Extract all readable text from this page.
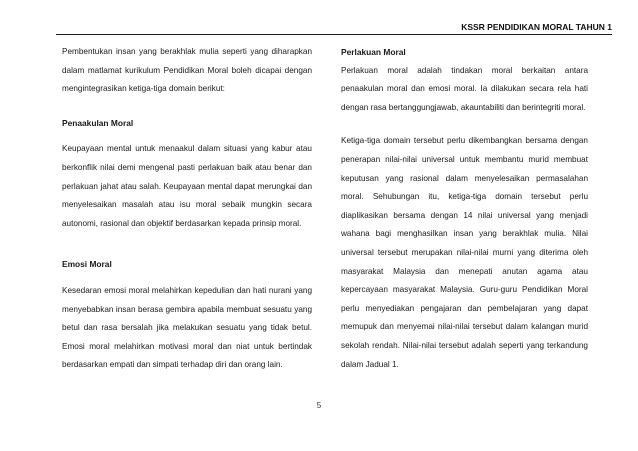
KSSR PENDIDIKAN MORAL TAHUN 1

Pembentukan insan yang berakhlak mulia seperti yang diharapkan dalam matlamat kurikulum Pendidikan Moral boleh dicapai dengan mengintegrasikan ketiga-tiga domain berikut:

Penaakulan Moral

Keupayaan mental untuk menaakul dalam situasi yang kabur atau berkonflik nilai demi mengenal pasti perlakuan baik atau benar dan perlakuan jahat atau salah. Keupayaan mental dapat merungkai dan menyelesaikan masalah atau isu moral sebaik mungkin secara autonomi, rasional dan objektif berdasarkan kepada prinsip moral.

Emosi Moral

Kesedaran emosi moral melahirkan kepedulian dan hati nurani yang menyebabkan insan berasa gembira apabila membuat sesuatu yang betul dan rasa bersalah jika melakukan sesuatu yang tidak betul. Emosi moral melahirkan motivasi moral dan niat untuk bertindak berdasarkan empati dan simpati terhadap diri dan orang lain.

Perlakuan Moral

Perlakuan moral adalah tindakan moral berkaitan antara penaakulan moral dan emosi moral. Ia dilakukan secara rela hati dengan rasa bertanggungjawab, akauntabiliti dan berintegriti moral.

Ketiga-tiga domain tersebut perlu dikembangkan bersama dengan penerapan nilai-nilai universal untuk membantu murid membuat keputusan yang rasional dalam menyelesaikan permasalahan moral. Sehubungan itu, ketiga-tiga domain tersebut perlu diaplikasikan bersama dengan 14 nilai universal yang menjadi wahana bagi menghasilkan insan yang berakhlak mulia. Nilai universal tersebut merupakan nilai-nilai murni yang diterima oleh masyarakat Malaysia dan menepati anutan agama atau kepercayaan masyarakat Malaysia. Guru-guru Pendidikan Moral perlu menyediakan pengajaran dan pembelajaran yang dapat memupuk dan menyemai nilai-nilai tersebut dalam kalangan murid sekolah rendah. Nilai-nilai tersebut adalah seperti yang terkandung dalam Jadual 1.

5
